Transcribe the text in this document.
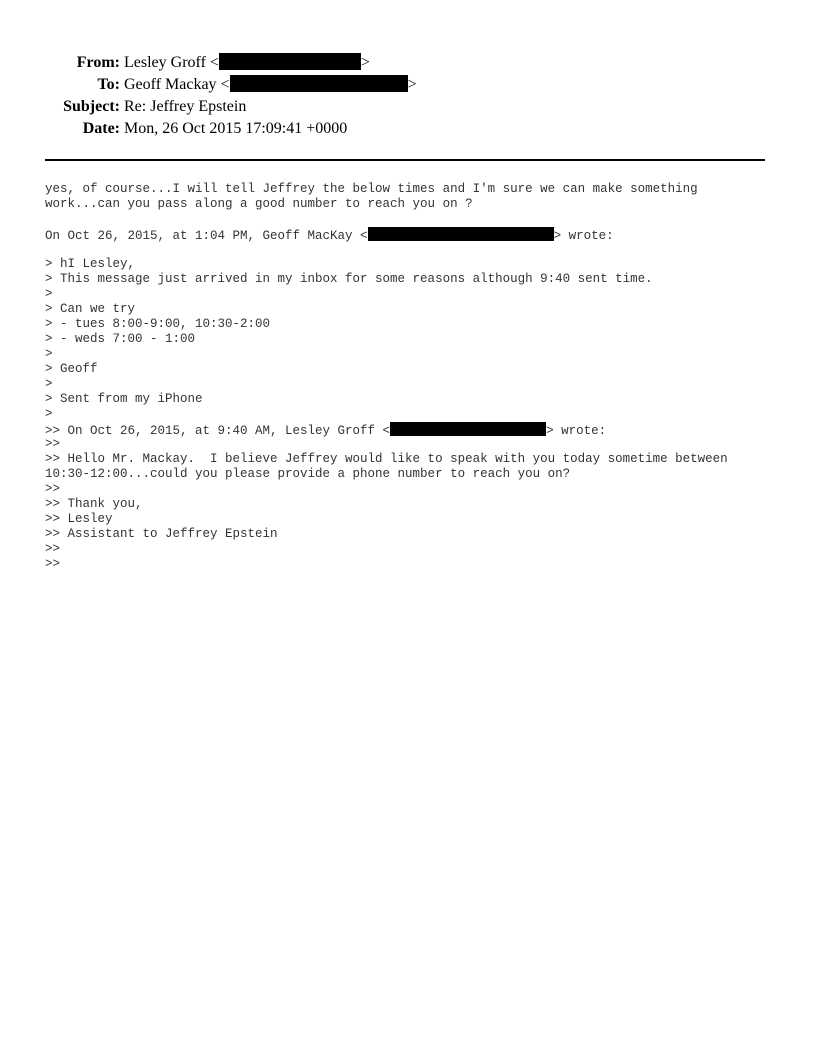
From: Lesley Groff <	>
To: Geoff Mackay <	>
Subject: Re: Jeffrey Epstein
Date: Mon, 26 Oct 2015 17:09:41 +0000
yes, of course...I will tell Jeffrey the below times and I'm sure we can make something
work...can you pass along a good number to reach you on ?
On Oct 26, 2015, at 1:04 PM, Geoff MacKay <	> wrote:
> hI Lesley,
> This message just arrived in my inbox for some reasons although 9:40 sent time.
>
> Can we try
> - tues 8:00-9:00, 10:30-2:00
> - weds 7:00 - 1:00
>
> Geoff
>
> Sent from my iPhone
>
>> On Oct 26, 2015, at 9:40 AM, Lesley Groff <	> wrote:
>>
>> Hello Mr. Mackay.  I believe Jeffrey would like to speak with you today sometime between
10:30-12:00...could you please provide a phone number to reach you on?
>>
>> Thank you,
>> Lesley
>> Assistant to Jeffrey Epstein
>>
>>
